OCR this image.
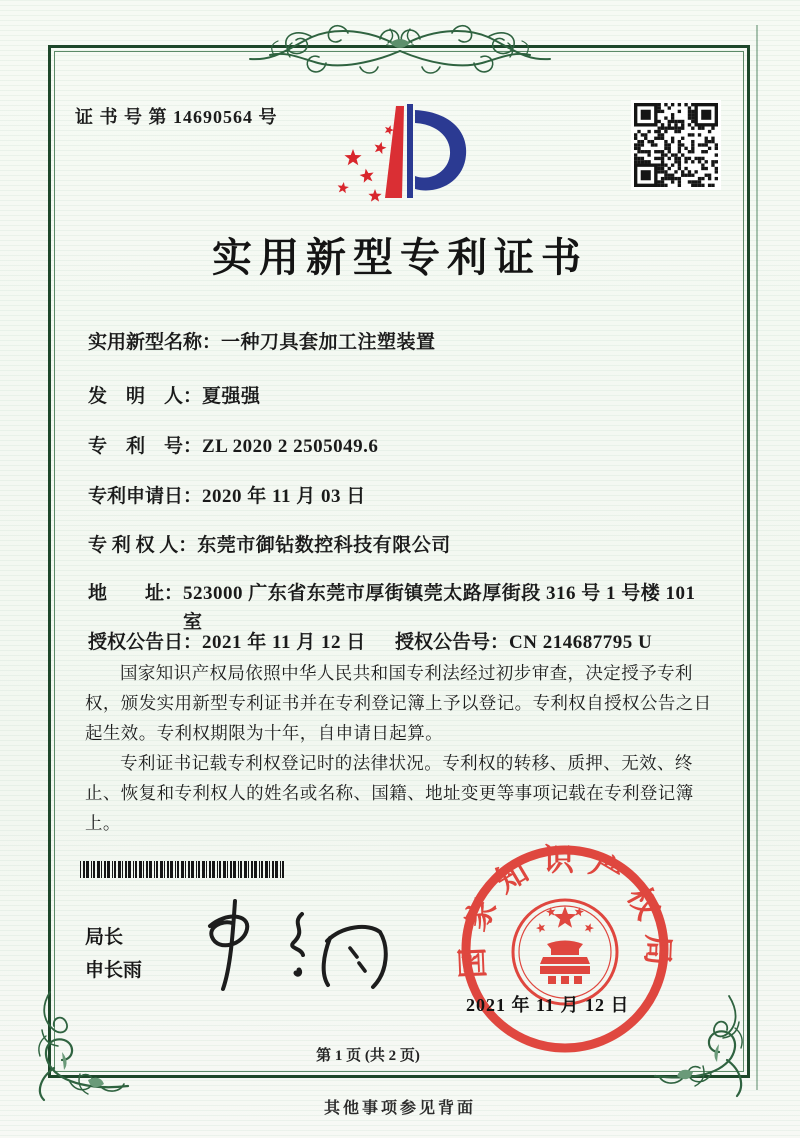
证 书 号 第 14690564 号
实用新型专利证书
实用新型名称： 一种刀具套加工注塑装置
发　明　人： 夏强强
专　利　号： ZL 2020 2 2505049.6
专利申请日： 2020 年 11 月 03 日
专 利 权 人： 东莞市御钻数控科技有限公司
地　　址： 523000 广东省东莞市厚街镇莞太路厚街段 316 号 1 号楼 101 室
授权公告日： 2021 年 11 月 12 日 授权公告号： CN 214687795 U

国家知识产权局依照中华人民共和国专利法经过初步审查，决定授予专利权，颁发实用新型专利证书并在专利登记簿上予以登记。专利权自授权公告之日起生效。专利权期限为十年，自申请日起算。

专利证书记载专利权登记时的法律状况。专利权的转移、质押、无效、终止、恢复和专利权人的姓名或名称、国籍、地址变更等事项记载在专利登记簿上。

局长
申长雨	国家知识产权局
2021 年 11 月 12 日
第 1 页 (共 2 页)
其他事项参见背面
